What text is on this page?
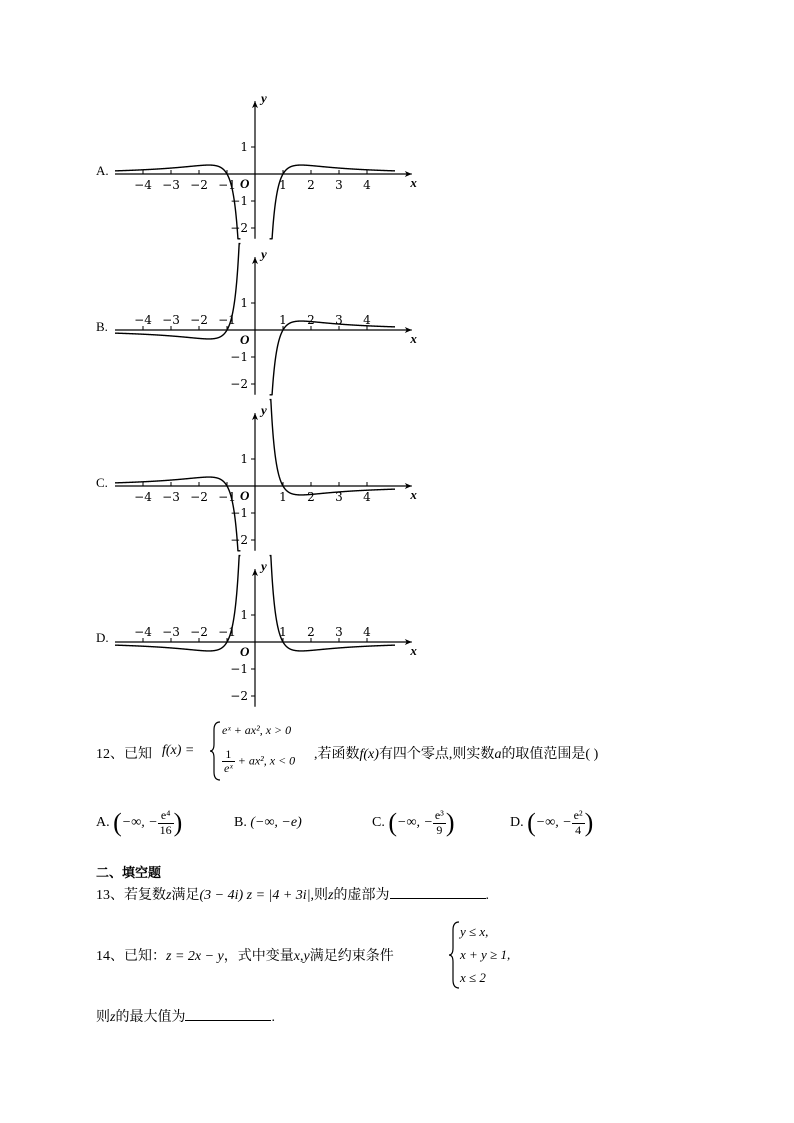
x
y
O
−4 −3 −2 −1	1 2 3 4
1
−1
−2
A.
x
y
O
−4 −3 −2 −1	1 2 3 4
1
−1
−2
B.
x
y
O
−4 −3 −2 −1	1 2 3 4
1
−1
−2
C.
x
y
O
−4 −3 −2 −1	1 2 3 4
1
−1
−2
D.
12、已知 f(x) =
eˣ + ax², x > 0
$\frac{1}{\text{eˣ}} + ax^2$, x < 0 ,若函数f(x)有四个零点,则实数a的取值范围是( )
A. (−∞, − $\frac{\text{e⁴}}{16}$ )	B. (−∞, −e)	C. (−∞, − $\frac{\text{e³}}{9}$ )	D. (−∞, − $\frac{\text{e²}}{4}$ )
二、填空题
13、若复数z满足(3 − 4i) z = |4 + 3i|,则z的虚部为	.
14、已知：z = 2x − y，式中变量x,y满足约束条件
y ≤ x,
x + y ≥ 1,
x ≤ 2
则z的最大值为	.
